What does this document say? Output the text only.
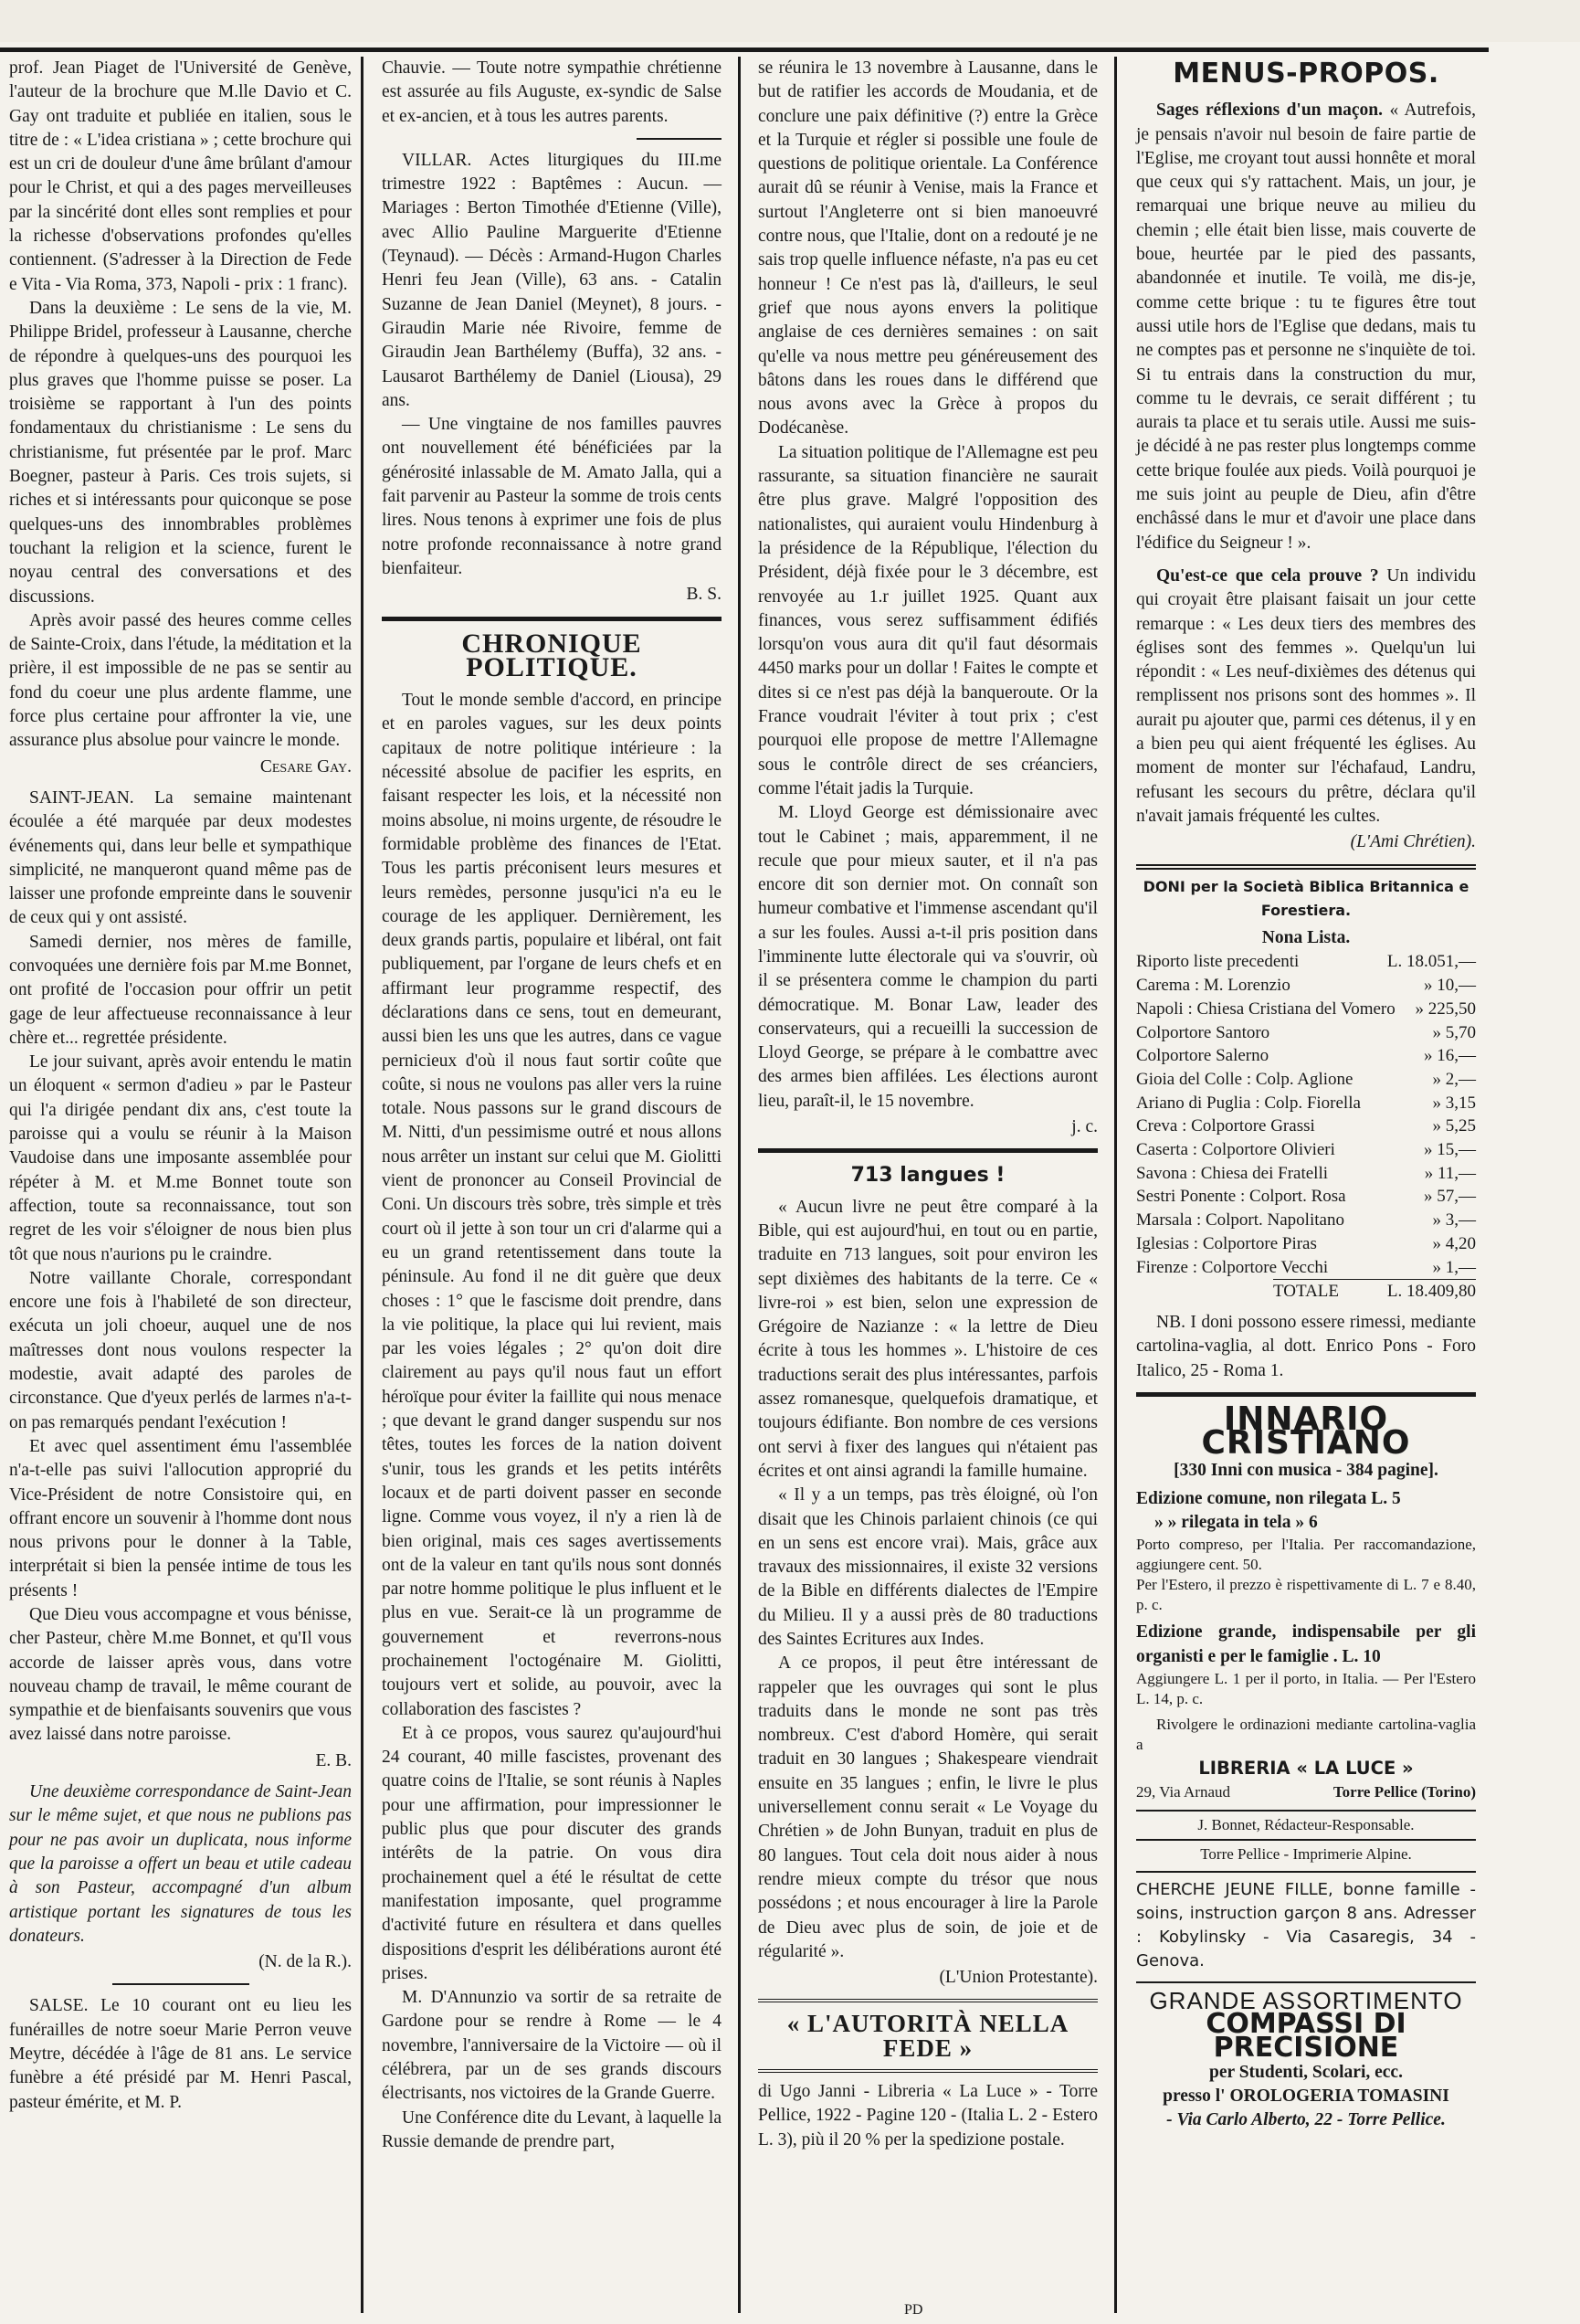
prof. Jean Piaget de l'Université de Genève, l'auteur de la brochure que M.lle Davio et C. Gay ont traduite et publiée en italien, sous le titre de : « L'idea cristiana » ; cette brochure qui est un cri de douleur d'une âme brûlant d'amour pour le Christ, et qui a des pages merveilleuses par la sincérité dont elles sont remplies et pour la richesse d'observations profondes qu'elles contiennent. (S'adresser à la Direction de Fede e Vita - Via Roma, 373, Napoli - prix : 1 franc).

Dans la deuxième : Le sens de la vie, M. Philippe Bridel, professeur à Lausanne, cherche de répondre à quelques-uns des pourquoi les plus graves que l'homme puisse se poser. La troisième se rapportant à l'un des points fondamentaux du christianisme : Le sens du christianisme, fut présentée par le prof. Marc Boegner, pasteur à Paris. Ces trois sujets, si riches et si intéressants pour quiconque se pose quelques-uns des innombrables problèmes touchant la religion et la science, furent le noyau central des conversations et des discussions.

Après avoir passé des heures comme celles de Sainte-Croix, dans l'étude, la méditation et la prière, il est impossible de ne pas se sentir au fond du coeur une plus ardente flamme, une force plus certaine pour affronter la vie, une assurance plus absolue pour vaincre le monde.

Cesare Gay.

SAINT-JEAN. La semaine maintenant écoulée a été marquée par deux modestes événements qui, dans leur belle et sympathique simplicité, ne manqueront quand même pas de laisser une profonde empreinte dans le souvenir de ceux qui y ont assisté.

Samedi dernier, nos mères de famille, convoquées une dernière fois par M.me Bonnet, ont profité de l'occasion pour offrir un petit gage de leur affectueuse reconnaissance à leur chère et... regrettée présidente.

Le jour suivant, après avoir entendu le matin un éloquent « sermon d'adieu » par le Pasteur qui l'a dirigée pendant dix ans, c'est toute la paroisse qui a voulu se réunir à la Maison Vaudoise dans une imposante assemblée pour répéter à M. et M.me Bonnet toute son affection, toute sa reconnaissance, tout son regret de les voir s'éloigner de nous bien plus tôt que nous n'aurions pu le craindre.

Notre vaillante Chorale, correspondant encore une fois à l'habileté de son directeur, exécuta un joli choeur, auquel une de nos maîtresses dont nous voulons respecter la modestie, avait adapté des paroles de circonstance. Que d'yeux perlés de larmes n'a-t-on pas remarqués pendant l'exécution !

Et avec quel assentiment ému l'assemblée n'a-t-elle pas suivi l'allocution approprié du Vice-Président de notre Consistoire qui, en offrant encore un souvenir à l'homme dont nous nous privons pour le donner à la Table, interprétait si bien la pensée intime de tous les présents !

Que Dieu vous accompagne et vous bénisse, cher Pasteur, chère M.me Bonnet, et qu'Il vous accorde de laisser après vous, dans votre nouveau champ de travail, le même courant de sympathie et de bienfaisants souvenirs que vous avez laissé dans notre paroisse.

E. B.

Une deuxième correspondance de Saint-Jean sur le même sujet, et que nous ne publions pas pour ne pas avoir un duplicata, nous informe que la paroisse a offert un beau et utile cadeau à son Pasteur, accompagné d'un album artistique portant les signatures de tous les donateurs.

(N. de la R.).

SALSE. Le 10 courant ont eu lieu les funérailles de notre soeur Marie Perron veuve Meytre, décédée à l'âge de 81 ans. Le service funèbre a été présidé par M. Henri Pascal, pasteur émérite, et M. P.

Chauvie. — Toute notre sympathie chrétienne est assurée au fils Auguste, ex-syndic de Salse et ex-ancien, et à tous les autres parents.

VILLAR. Actes liturgiques du III.me trimestre 1922 : Baptêmes : Aucun. — Mariages : Berton Timothée d'Etienne (Ville), avec Allio Pauline Marguerite d'Etienne (Teynaud). — Décès : Armand-Hugon Charles Henri feu Jean (Ville), 63 ans. - Catalin Suzanne de Jean Daniel (Meynet), 8 jours. - Giraudin Marie née Rivoire, femme de Giraudin Jean Barthélemy (Buffa), 32 ans. - Lausarot Barthélemy de Daniel (Liousa), 29 ans.

— Une vingtaine de nos familles pauvres ont nouvellement été bénéficiées par la générosité inlassable de M. Amato Jalla, qui a fait parvenir au Pasteur la somme de trois cents lires. Nous tenons à exprimer une fois de plus notre profonde reconnaissance à notre grand bienfaiteur.

B. S.
CHRONIQUE POLITIQUE.

Tout le monde semble d'accord, en principe et en paroles vagues, sur les deux points capitaux de notre politique intérieure : la nécessité absolue de pacifier les esprits, en faisant respecter les lois, et la nécessité non moins absolue, ni moins urgente, de résoudre le formidable problème des finances de l'Etat. Tous les partis préconisent leurs mesures et leurs remèdes, personne jusqu'ici n'a eu le courage de les appliquer. Dernièrement, les deux grands partis, populaire et libéral, ont fait publiquement, par l'organe de leurs chefs et en affirmant leur programme respectif, des déclarations dans ce sens, tout en demeurant, aussi bien les uns que les autres, dans ce vague pernicieux d'où il nous faut sortir coûte que coûte, si nous ne voulons pas aller vers la ruine totale. Nous passons sur le grand discours de M. Nitti, d'un pessimisme outré et nous allons nous arrêter un instant sur celui que M. Giolitti vient de prononcer au Conseil Provincial de Coni. Un discours très sobre, très simple et très court où il jette à son tour un cri d'alarme qui a eu un grand retentissement dans toute la péninsule. Au fond il ne dit guère que deux choses : 1° que le fascisme doit prendre, dans la vie politique, la place qui lui revient, mais par les voies légales ; 2° qu'on doit dire clairement au pays qu'il nous faut un effort héroïque pour éviter la faillite qui nous menace ; que devant le grand danger suspendu sur nos têtes, toutes les forces de la nation doivent s'unir, tous les grands et les petits intérêts locaux et de parti doivent passer en seconde ligne. Comme vous voyez, il n'y a rien là de bien original, mais ces sages avertissements ont de la valeur en tant qu'ils nous sont donnés par notre homme politique le plus influent et le plus en vue. Serait-ce là un programme de gouvernement et reverrons-nous prochainement l'octogénaire M. Giolitti, toujours vert et solide, au pouvoir, avec la collaboration des fascistes ?

Et à ce propos, vous saurez qu'aujourd'hui 24 courant, 40 mille fascistes, provenant des quatre coins de l'Italie, se sont réunis à Naples pour une affirmation, pour impressionner le public plus que pour discuter des grands intérêts de la patrie. On vous dira prochainement quel a été le résultat de cette manifestation imposante, quel programme d'activité future en résultera et dans quelles dispositions d'esprit les délibérations auront été prises.

M. D'Annunzio va sortir de sa retraite de Gardone pour se rendre à Rome — le 4 novembre, l'anniversaire de la Victoire — où il célébrera, par un de ses grands discours électrisants, nos victoires de la Grande Guerre.

Une Conférence dite du Levant, à laquelle la Russie demande de prendre part,

se réunira le 13 novembre à Lausanne, dans le but de ratifier les accords de Moudania, et de conclure une paix définitive (?) entre la Grèce et la Turquie et régler si possible une foule de questions de politique orientale. La Conférence aurait dû se réunir à Venise, mais la France et surtout l'Angleterre ont si bien manoeuvré contre nous, que l'Italie, dont on a redouté je ne sais trop quelle influence néfaste, n'a pas eu cet honneur ! Ce n'est pas là, d'ailleurs, le seul grief que nous ayons envers la politique anglaise de ces dernières semaines : on sait qu'elle va nous mettre peu généreusement des bâtons dans les roues dans le différend que nous avons avec la Grèce à propos du Dodécanèse.

La situation politique de l'Allemagne est peu rassurante, sa situation financière ne saurait être plus grave. Malgré l'opposition des nationalistes, qui auraient voulu Hindenburg à la présidence de la République, l'élection du Président, déjà fixée pour le 3 décembre, est renvoyée au 1.r juillet 1925. Quant aux finances, vous serez suffisamment édifiés lorsqu'on vous aura dit qu'il faut désormais 4450 marks pour un dollar ! Faites le compte et dites si ce n'est pas déjà la banqueroute. Or la France voudrait l'éviter à tout prix ; c'est pourquoi elle propose de mettre l'Allemagne sous le contrôle direct de ses créanciers, comme l'était jadis la Turquie.

M. Lloyd George est démissionaire avec tout le Cabinet ; mais, apparemment, il ne recule que pour mieux sauter, et il n'a pas encore dit son dernier mot. On connaît son humeur combative et l'immense ascendant qu'il a sur les foules. Aussi a-t-il pris position dans l'imminente lutte électorale qui va s'ouvrir, où il se présentera comme le champion du parti démocratique. M. Bonar Law, leader des conservateurs, qui a recueilli la succession de Lloyd George, se prépare à le combattre avec des armes bien affilées. Les élections auront lieu, paraît-il, le 15 novembre.

j. c.
713 langues !

« Aucun livre ne peut être comparé à la Bible, qui est aujourd'hui, en tout ou en partie, traduite en 713 langues, soit pour environ les sept dixièmes des habitants de la terre. Ce « livre-roi » est bien, selon une expression de Grégoire de Nazianze : « la lettre de Dieu écrite à tous les hommes ». L'histoire de ces traductions serait des plus intéressantes, parfois assez romanesque, quelquefois dramatique, et toujours édifiante. Bon nombre de ces versions ont servi à fixer des langues qui n'étaient pas écrites et ont ainsi agrandi la famille humaine.

« Il y a un temps, pas très éloigné, où l'on disait que les Chinois parlaient chinois (ce qui en un sens est encore vrai). Mais, grâce aux travaux des missionnaires, il existe 32 versions de la Bible en différents dialectes de l'Empire du Milieu. Il y a aussi près de 80 traductions des Saintes Ecritures aux Indes.

A ce propos, il peut être intéressant de rappeler que les ouvrages qui sont le plus traduits dans le monde ne sont pas très nombreux. C'est d'abord Homère, qui serait traduit en 30 langues ; Shakespeare viendrait ensuite en 35 langues ; enfin, le livre le plus universellement connu serait « Le Voyage du Chrétien » de John Bunyan, traduit en plus de 80 langues. Tout cela doit nous aider à nous rendre mieux compte du trésor que nous possédons ; et nous encourager à lire la Parole de Dieu avec plus de soin, de joie et de régularité ».

(L'Union Protestante).
« L'AUTORITÀ NELLA FEDE »

di Ugo Janni - Libreria « La Luce » - Torre Pellice, 1922 - Pagine 120 - (Italia L. 2 - Estero L. 3), più il 20 % per la spedizione postale.

MENUS-PROPOS.

Sages réflexions d'un maçon. « Autrefois, je pensais n'avoir nul besoin de faire partie de l'Eglise, me croyant tout aussi honnête et moral que ceux qui s'y rattachent. Mais, un jour, je remarquai une brique neuve au milieu du chemin ; elle était bien lisse, mais couverte de boue, heurtée par le pied des passants, abandonnée et inutile. Te voilà, me dis-je, comme cette brique : tu te figures être tout aussi utile hors de l'Eglise que dedans, mais tu ne comptes pas et personne ne s'inquiète de toi. Si tu entrais dans la construction du mur, comme tu le devrais, ce serait différent ; tu aurais ta place et tu serais utile. Aussi me suis-je décidé à ne pas rester plus longtemps comme cette brique foulée aux pieds. Voilà pourquoi je me suis joint au peuple de Dieu, afin d'être enchâssé dans le mur et d'avoir une place dans l'édifice du Seigneur ! ».

Qu'est-ce que cela prouve ? Un individu qui croyait être plaisant faisait un jour cette remarque : « Les deux tiers des membres des églises sont des femmes ». Quelqu'un lui répondit : « Les neuf-dixièmes des détenus qui remplissent nos prisons sont des hommes ». Il aurait pu ajouter que, parmi ces détenus, il y en a bien peu qui aient fréquenté les églises. Au moment de monter sur l'échafaud, Landru, refusant les secours du prêtre, déclara qu'il n'avait jamais fréquenté les cultes.

(L'Ami Chrétien).
DONI per la Società Biblica Britannica e Forestiera.
Nona Lista.
Riporto liste precedenti	L. 18.051,—
Carema : M. Lorenzio	» 10,—
Napoli : Chiesa Cristiana del Vomero » 225,50
Colportore Santoro	» 5,70
Colportore Salerno	» 16,—
Gioia del Colle : Colp. Aglione	» 2,—
Ariano di Puglia : Colp. Fiorella	» 3,15
Creva : Colportore Grassi	» 5,25
Caserta : Colportore Olivieri	» 15,—
Savona : Chiesa dei Fratelli	» 11,—
Sestri Ponente : Colport. Rosa	» 57,—
Marsala : Colport. Napolitano	» 3,—
Iglesias : Colportore Piras	» 4,20
Firenze : Colportore Vecchi	» 1,—
TOTALE	L. 18.409,80

NB. I doni possono essere rimessi, mediante cartolina-vaglia, al dott. Enrico Pons - Foro Italico, 25 - Roma 1.

INNARIO CRISTIANO
[330 Inni con musica - 384 pagine].

Edizione comune, non rilegata L. 5

» » rilegata in tela » 6

Porto compreso, per l'Italia. Per raccomandazione, aggiungere cent. 50.

Per l'Estero, il prezzo è rispettivamente di L. 7 e 8.40, p. c.

Edizione grande, indispensabile per gli organisti e per le famiglie . L. 10

Aggiungere L. 1 per il porto, in Italia. — Per l'Estero L. 14, p. c.

Rivolgere le ordinazioni mediante cartolina-vaglia a

LIBRERIA « LA LUCE »
29, Via Arnaud	Torre Pellice (Torino)
J. Bonnet, Rédacteur-Responsable.
Torre Pellice - Imprimerie Alpine.

CHERCHE JEUNE FILLE, bonne famille - soins, instruction garçon 8 ans. Adresser : Kobylinsky - Via Casaregis, 34 - Genova.

GRANDE ASSORTIMENTO
COMPASSI DI PRECISIONE
per Studenti, Scolari, ecc.
presso l' OROLOGERIA TOMASINI
- Via Carlo Alberto, 22 - Torre Pellice.
PD
